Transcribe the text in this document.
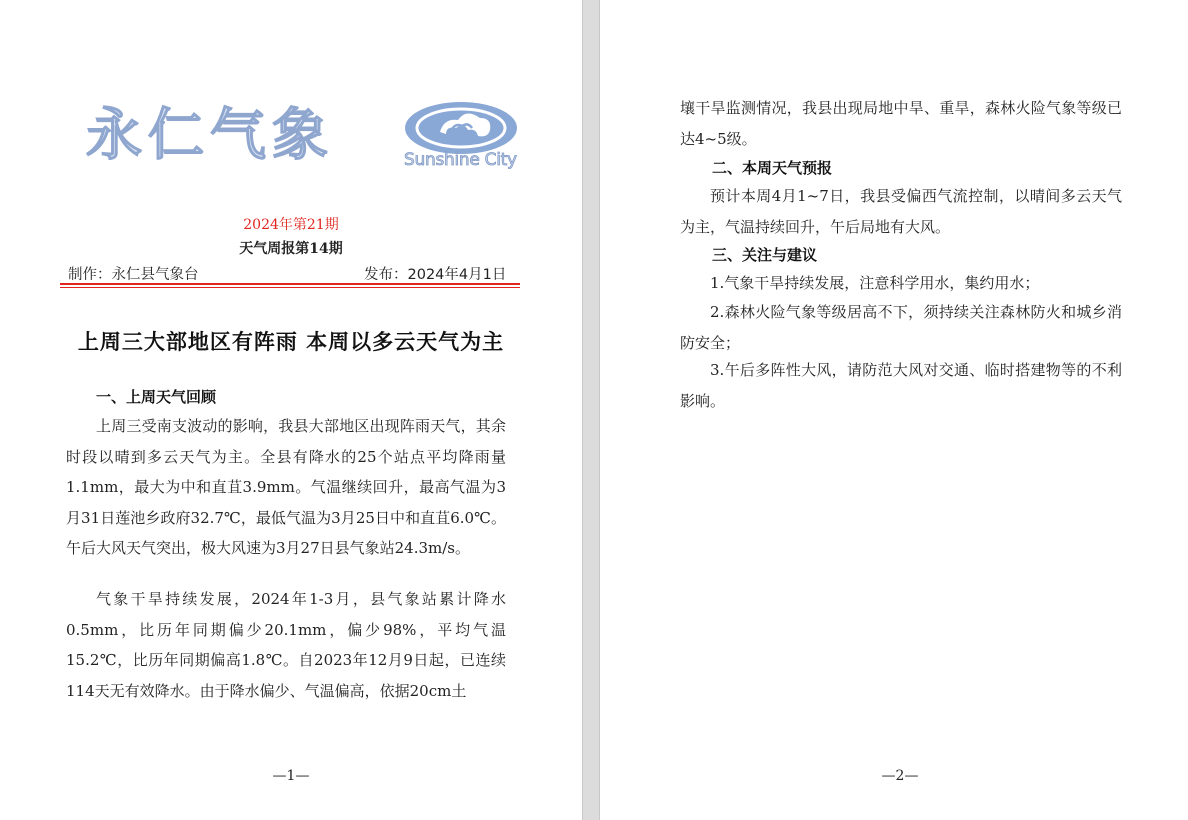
永仁气象	Sunshine City
2024年第21期
天气周报第14期
制作：永仁县气象台	发布：2024年4月1日
上周三大部地区有阵雨 本周以多云天气为主
一、上周天气回顾

上周三受南支波动的影响，我县大部地区出现阵雨天气，其余时段以晴到多云天气为主。全县有降水的25个站点平均降雨量1.1mm，最大为中和直苴3.9mm。气温继续回升，最高气温为3月31日莲池乡政府32.7℃，最低气温为3月25日中和直苴6.0℃。午后大风天气突出，极大风速为3月27日县气象站24.3m/s。

气象干旱持续发展，2024年1-3月，县气象站累计降水0.5mm，比历年同期偏少20.1mm，偏少98%，平均气温15.2℃，比历年同期偏高1.8℃。自2023年12月9日起，已连续114天无有效降水。由于降水偏少、气温偏高，依据20cm土

—1—

壤干旱监测情况，我县出现局地中旱、重旱，森林火险气象等级已达4~5级。

二、本周天气预报

预计本周4月1~7日，我县受偏西气流控制，以晴间多云天气为主，气温持续回升，午后局地有大风。

三、关注与建议

1.气象干旱持续发展，注意科学用水，集约用水；

2.森林火险气象等级居高不下，须持续关注森林防火和城乡消防安全；

3.午后多阵性大风，请防范大风对交通、临时搭建物等的不利影响。

—2—
